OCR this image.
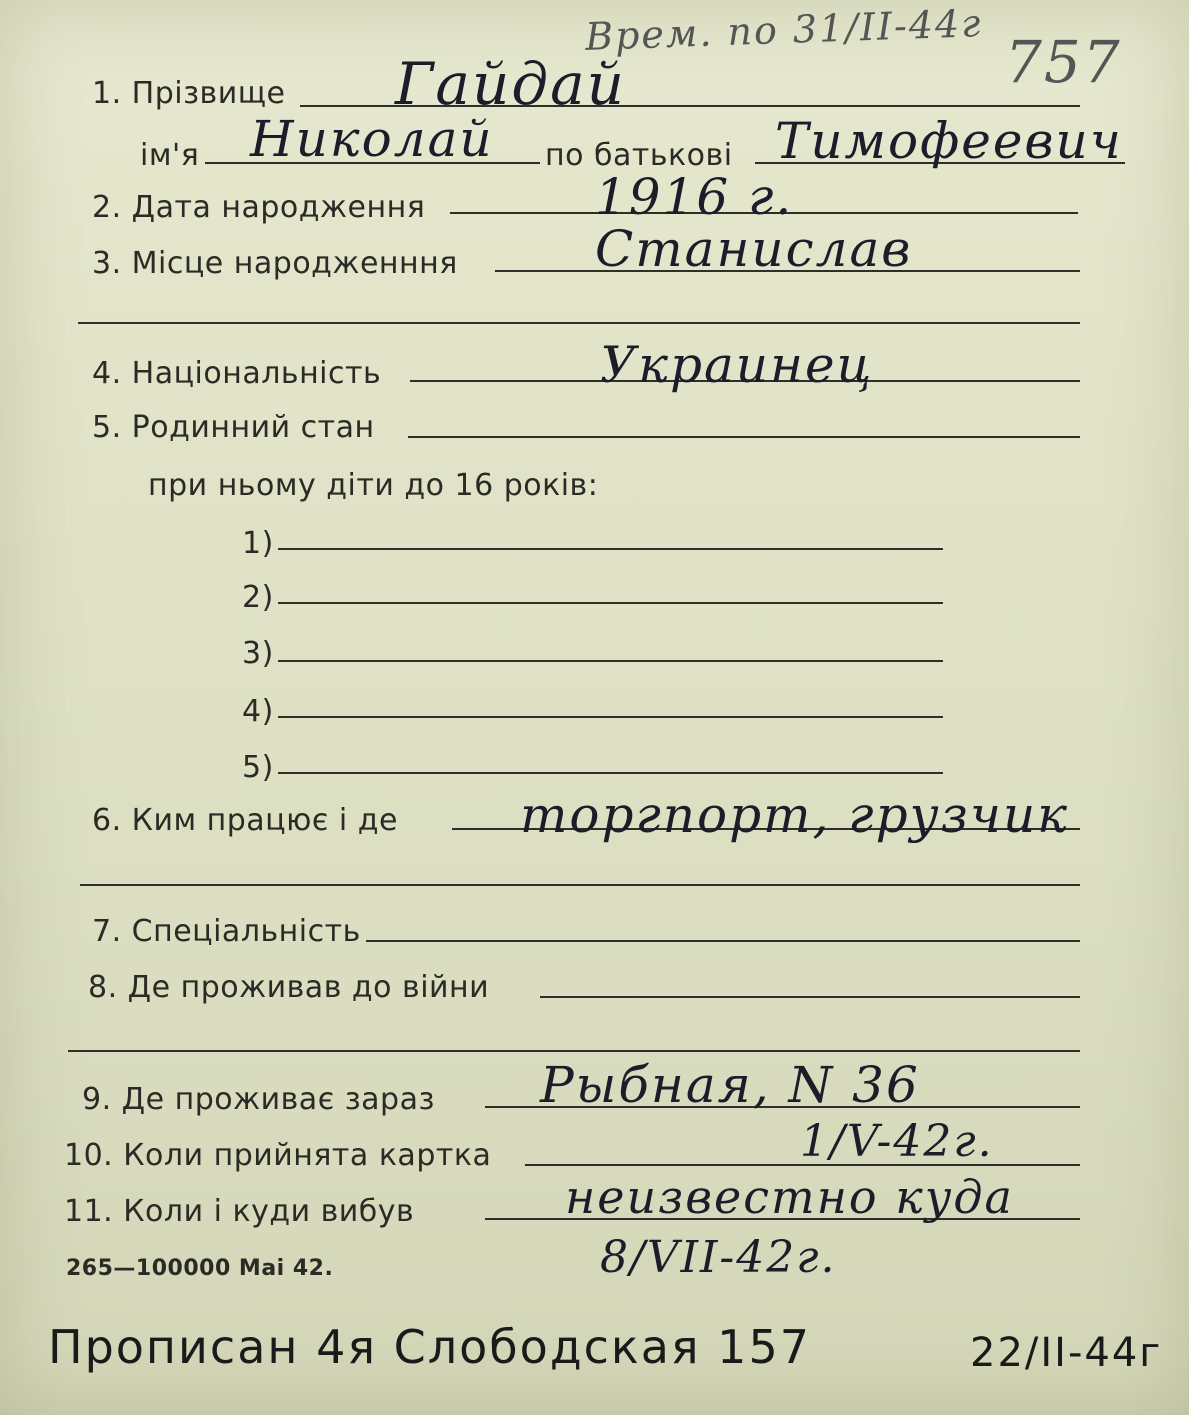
Врем. по 31/II-44г 757
1. Прізвище Гайдай
ім'я Николай по батькові Тимофеевич
2. Дата народження	1916 г.
3. Місце народженння	Станислав
4. Національність	Украинец
5. Родинний стан
при ньому діти до 16 років:
1)
2)
3)
4)
5)
6. Ким працює і де торгпорт, грузчик
7. Спеціальність
8. Де проживав до війни
9. Де проживає зараз Рыбная, N 36
10. Коли прийнята картка	1/V-42г.
11. Коли і куди вибув	неизвестно куда
8/VII-42г.
265—100000 Mai 42.
Прописан 4я Слободская 157	22/II-44г
